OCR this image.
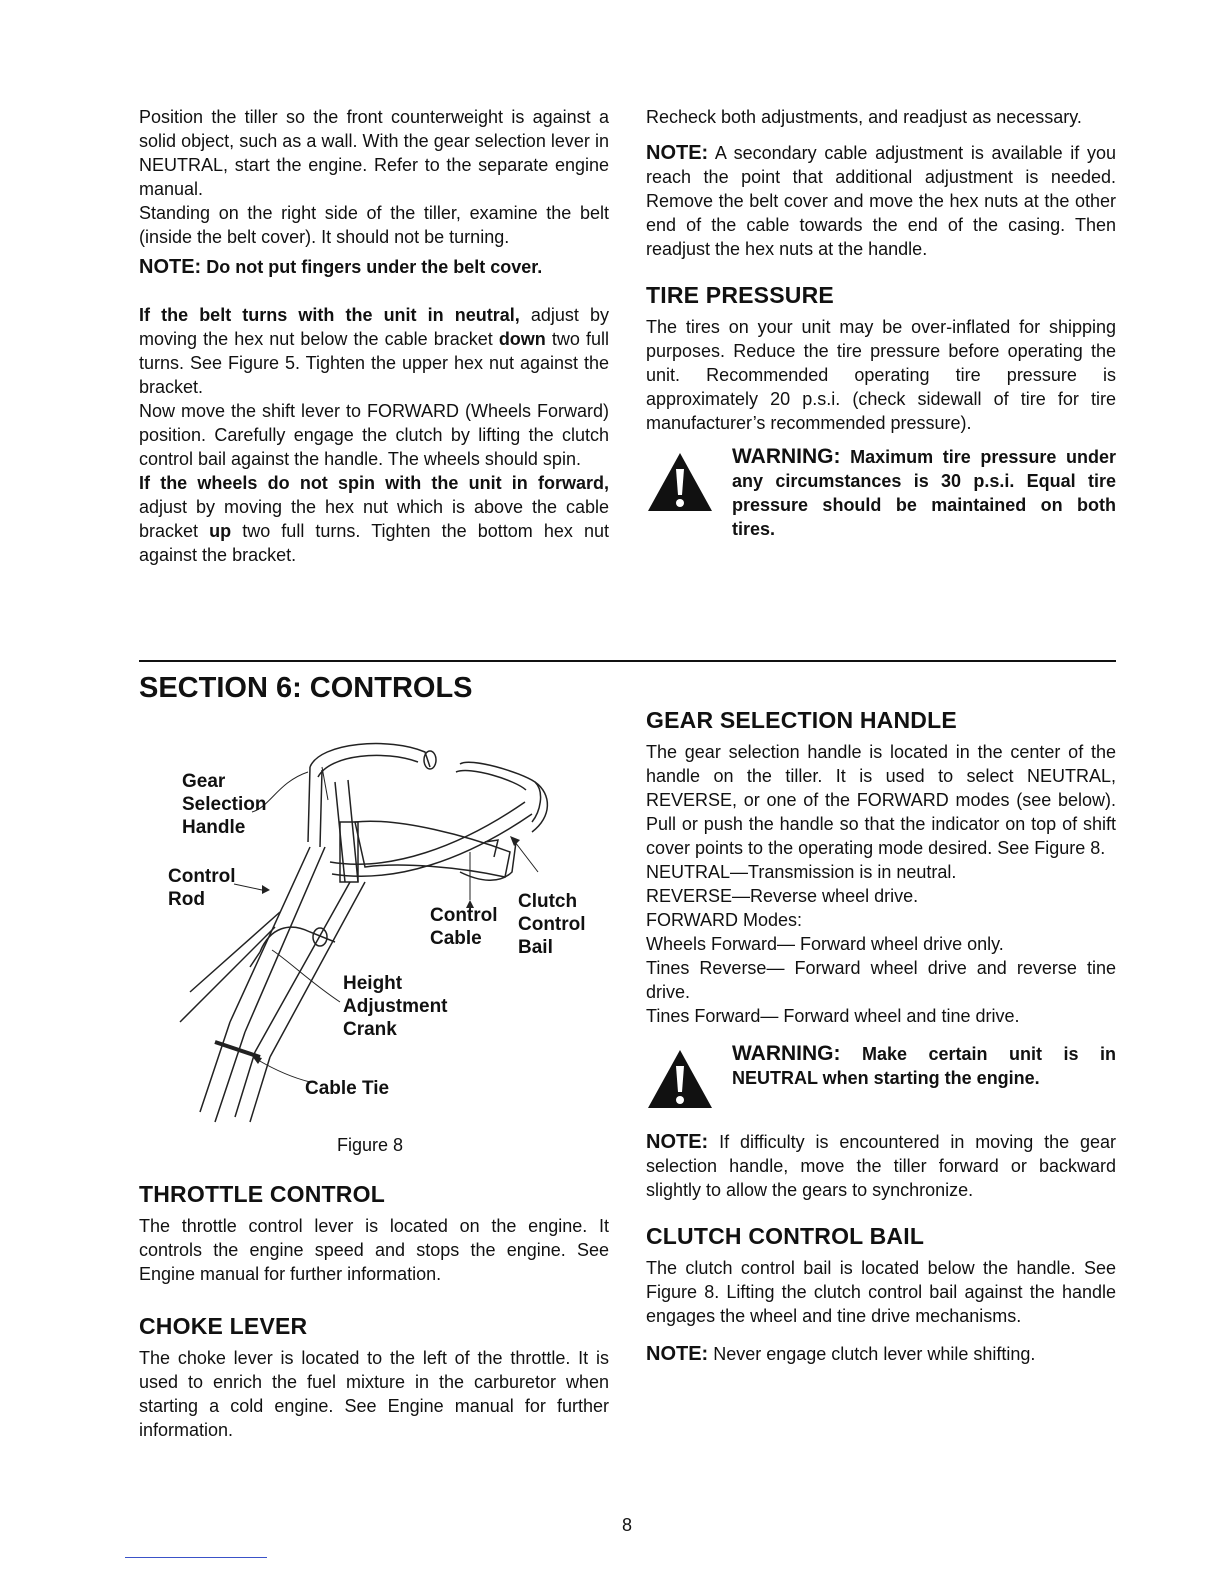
Position the tiller so the front counterweight is against a solid object, such as a wall. With the gear selection lever in NEUTRAL, start the engine. Refer to the separate engine manual.

Standing on the right side of the tiller, examine the belt (inside the belt cover). It should not be turning.

NOTE: Do not put fingers under the belt cover.

If the belt turns with the unit in neutral, adjust by moving the hex nut below the cable bracket down two full turns. See Figure 5. Tighten the upper hex nut against the bracket.

Now move the shift lever to FORWARD (Wheels Forward) position. Carefully engage the clutch by lifting the clutch control bail against the handle. The wheels should spin.

If the wheels do not spin with the unit in forward, adjust by moving the hex nut which is above the cable bracket up two full turns. Tighten the bottom hex nut against the bracket.

Recheck both adjustments, and readjust as necessary.

NOTE: A secondary cable adjustment is available if you reach the point that additional adjustment is needed. Remove the belt cover and move the hex nuts at the other end of the cable towards the end of the casing. Then readjust the hex nuts at the handle.

TIRE PRESSURE

The tires on your unit may be over-inflated for shipping purposes. Reduce the tire pressure before operating the unit. Recommended operating tire pressure is approximately 20 p.s.i. (check sidewall of tire for tire manufacturer’s recommended pressure).

WARNING: Maximum tire pressure under any circumstances is 30 p.s.i. Equal tire pressure should be maintained on both tires.

SECTION 6: CONTROLS
Gear
Selection
Handle
Control
Rod	Clutch
Control
Bail
Control
Cable
Height
Adjustment
Crank
Cable Tie
Figure 8
THROTTLE CONTROL

The throttle control lever is located on the engine. It controls the engine speed and stops the engine. See Engine manual for further information.

CHOKE LEVER

The choke lever is located to the left of the throttle. It is used to enrich the fuel mixture in the carburetor when starting a cold engine. See Engine manual for further information.

GEAR SELECTION HANDLE

The gear selection handle is located in the center of the handle on the tiller. It is used to select NEUTRAL, REVERSE, or one of the FORWARD modes (see below). Pull or push the handle so that the indicator on top of shift cover points to the operating mode desired. See Figure 8.

NEUTRAL—Transmission is in neutral.

REVERSE—Reverse wheel drive.

FORWARD Modes:

Wheels Forward— Forward wheel drive only.

Tines Reverse— Forward wheel drive and reverse tine drive.

Tines Forward— Forward wheel and tine drive.

WARNING: Make certain unit is in NEUTRAL when starting the engine.

NOTE: If difficulty is encountered in moving the gear selection handle, move the tiller forward or backward slightly to allow the gears to synchronize.

CLUTCH CONTROL BAIL

The clutch control bail is located below the handle. See Figure 8. Lifting the clutch control bail against the handle engages the wheel and tine drive mechanisms.

NOTE: Never engage clutch lever while shifting.

8
